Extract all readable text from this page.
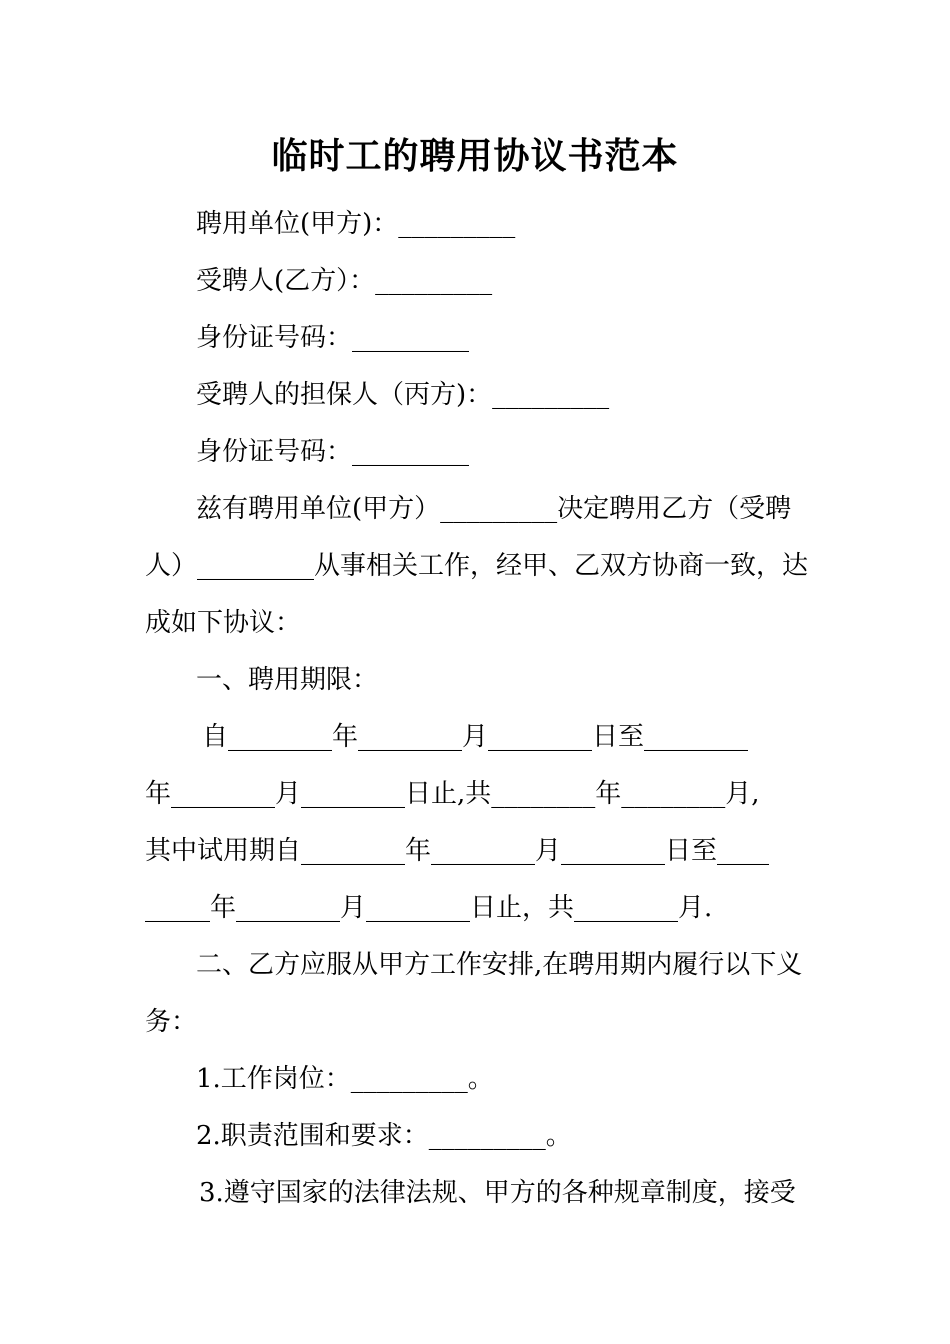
临时工的聘用协议书范本
聘用单位(甲方)：_________
受聘人(乙方）：_________
身份证号码：_________
受聘人的担保人（丙方)：_________
身份证号码：_________
兹有聘用单位(甲方）_________决定聘用乙方（受聘
人）_________从事相关工作，经甲、乙双方协商一致，达
成如下协议：
一、聘用期限：
自________年________月________日至________
年________月________日止,共________年________月,
其中试用期自________年________月________日至____
_____年________月________日止，共________月.
二、乙方应服从甲方工作安排,在聘用期内履行以下义
务：
1.工作岗位：_________。
2.职责范围和要求：_________。
3.遵守国家的法律法规、甲方的各种规章制度，接受
